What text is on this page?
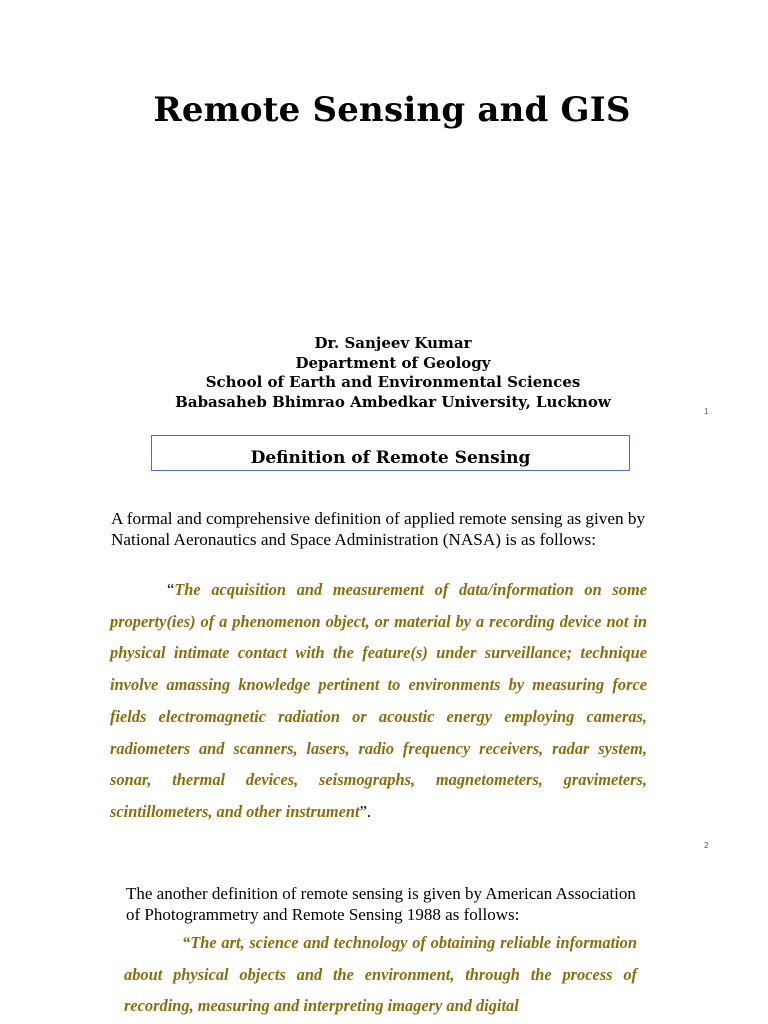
Remote Sensing and GIS
Dr. Sanjeev Kumar
Department of Geology
School of Earth and Environmental Sciences
Babasaheb Bhimrao Ambedkar University, Lucknow
1
Definition of Remote Sensing
A formal and comprehensive definition of applied remote sensing as given by National Aeronautics and Space Administration (NASA) is as follows:
“The acquisition and measurement of data/information on some property(ies) of a phenomenon object, or material by a recording device not in physical intimate contact with the feature(s) under surveillance; technique involve amassing knowledge pertinent to environments by measuring force fields electromagnetic radiation or acoustic energy employing cameras, radiometers and scanners, lasers, radio frequency receivers, radar system, sonar, thermal devices, seismographs, magnetometers, gravimeters, scintillometers, and other instrument”.
2
The another definition of remote sensing is given by American Association of Photogrammetry and Remote Sensing 1988 as follows:
“The art, science and technology of obtaining reliable information about physical objects and the environment, through the process of recording, measuring and interpreting imagery and digital
